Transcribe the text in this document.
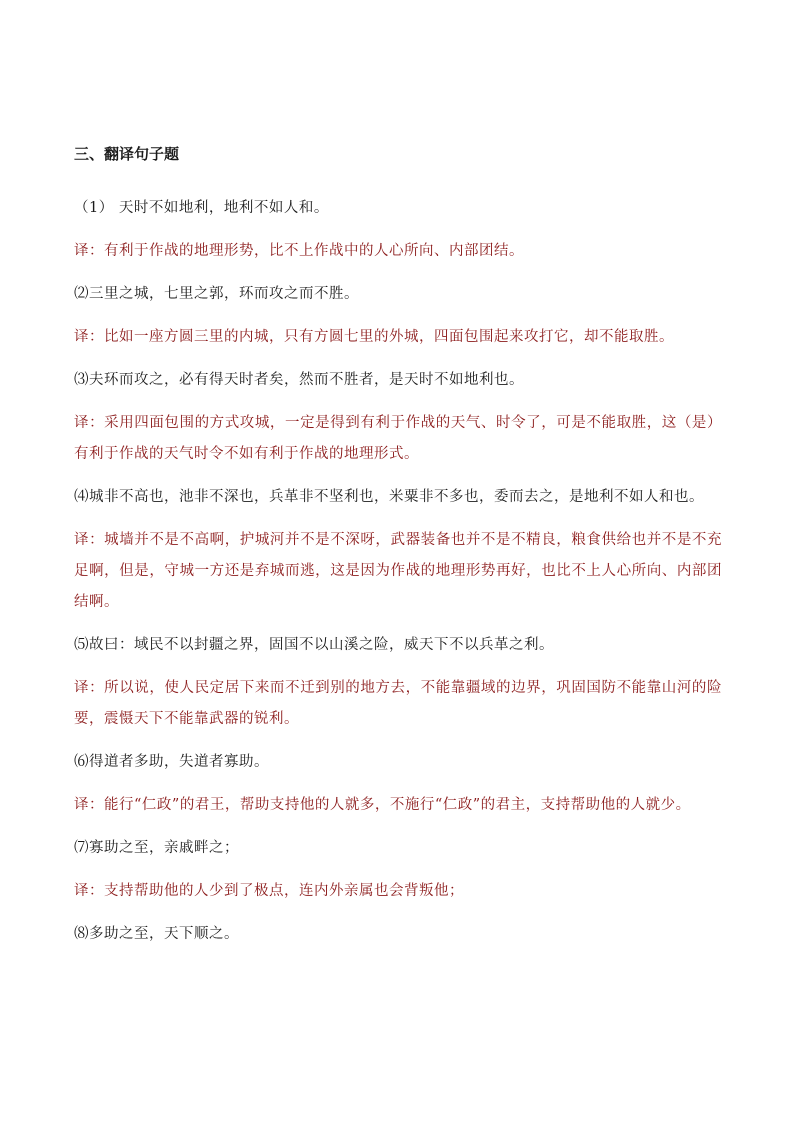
三、翻译句子题

（1） 天时不如地利，地利不如人和。

译：有利于作战的地理形势，比不上作战中的人心所向、内部团结。

⑵三里之城，七里之郭，环而攻之而不胜。

译：比如一座方圆三里的内城，只有方圆七里的外城，四面包围起来攻打它，却不能取胜。

⑶夫环而攻之，必有得天时者矣，然而不胜者，是天时不如地利也。

译：采用四面包围的方式攻城，一定是得到有利于作战的天气、时令了，可是不能取胜，这（是）有利于作战的天气时令不如有利于作战的地理形式。

⑷城非不高也，池非不深也，兵革非不坚利也，米粟非不多也，委而去之，是地利不如人和也。

译：城墙并不是不高啊，护城河并不是不深呀，武器装备也并不是不精良，粮食供给也并不是不充足啊，但是，守城一方还是弃城而逃，这是因为作战的地理形势再好，也比不上人心所向、内部团结啊。

⑸故曰：域民不以封疆之界，固国不以山溪之险，威天下不以兵革之利。

译：所以说，使人民定居下来而不迁到别的地方去，不能靠疆域的边界，巩固国防不能靠山河的险要，震慑天下不能靠武器的锐利。

⑹得道者多助，失道者寡助。

译：能行“仁政”的君王，帮助支持他的人就多，不施行“仁政”的君主，支持帮助他的人就少。

⑺寡助之至，亲戚畔之；

译：支持帮助他的人少到了极点，连内外亲属也会背叛他；

⑻多助之至，天下顺之。
